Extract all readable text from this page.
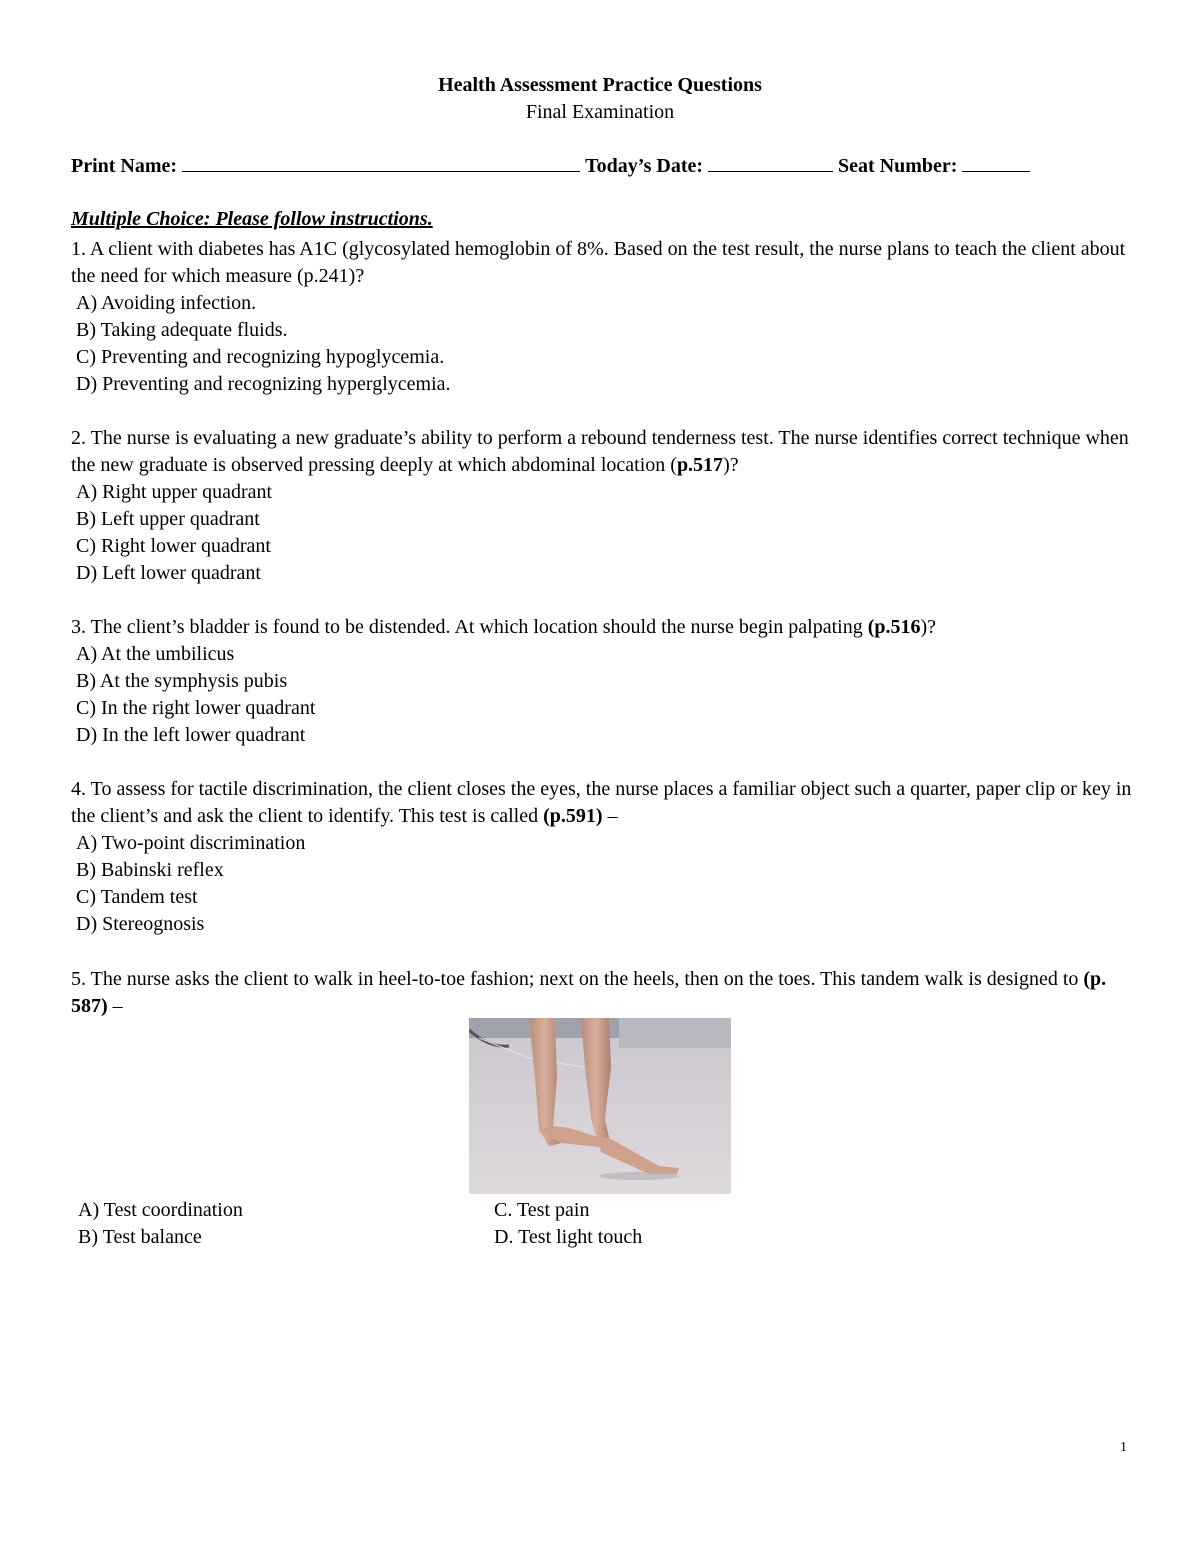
Health Assessment Practice Questions
Final Examination
Print Name:	Today’s Date:	Seat Number:
Multiple Choice: Please follow instructions.

1. A client with diabetes has A1C (glycosylated hemoglobin of 8%. Based on the test result, the nurse plans to teach the client about the need for which measure (p.241)?

A) Avoiding infection.

B) Taking adequate fluids.

C) Preventing and recognizing hypoglycemia.

D) Preventing and recognizing hyperglycemia.

2. The nurse is evaluating a new graduate’s ability to perform a rebound tenderness test. The nurse identifies correct technique when the new graduate is observed pressing deeply at which abdominal location (p.517)?

A) Right upper quadrant

B) Left upper quadrant

C) Right lower quadrant

D) Left lower quadrant

3. The client’s bladder is found to be distended. At which location should the nurse begin palpating (p.516)?

A) At the umbilicus

B) At the symphysis pubis

C) In the right lower quadrant

D) In the left lower quadrant

4. To assess for tactile discrimination, the client closes the eyes, the nurse places a familiar object such a quarter, paper clip or key in the client’s and ask the client to identify. This test is called (p.591) –

A) Two-point discrimination

B) Babinski reflex

C) Tandem test

D) Stereognosis

5. The nurse asks the client to walk in heel-to-toe fashion; next on the heels, then on the toes. This tandem walk is designed to (p. 587) –

A) Test coordination	C. Test pain
B) Test balance	D. Test light touch
1
